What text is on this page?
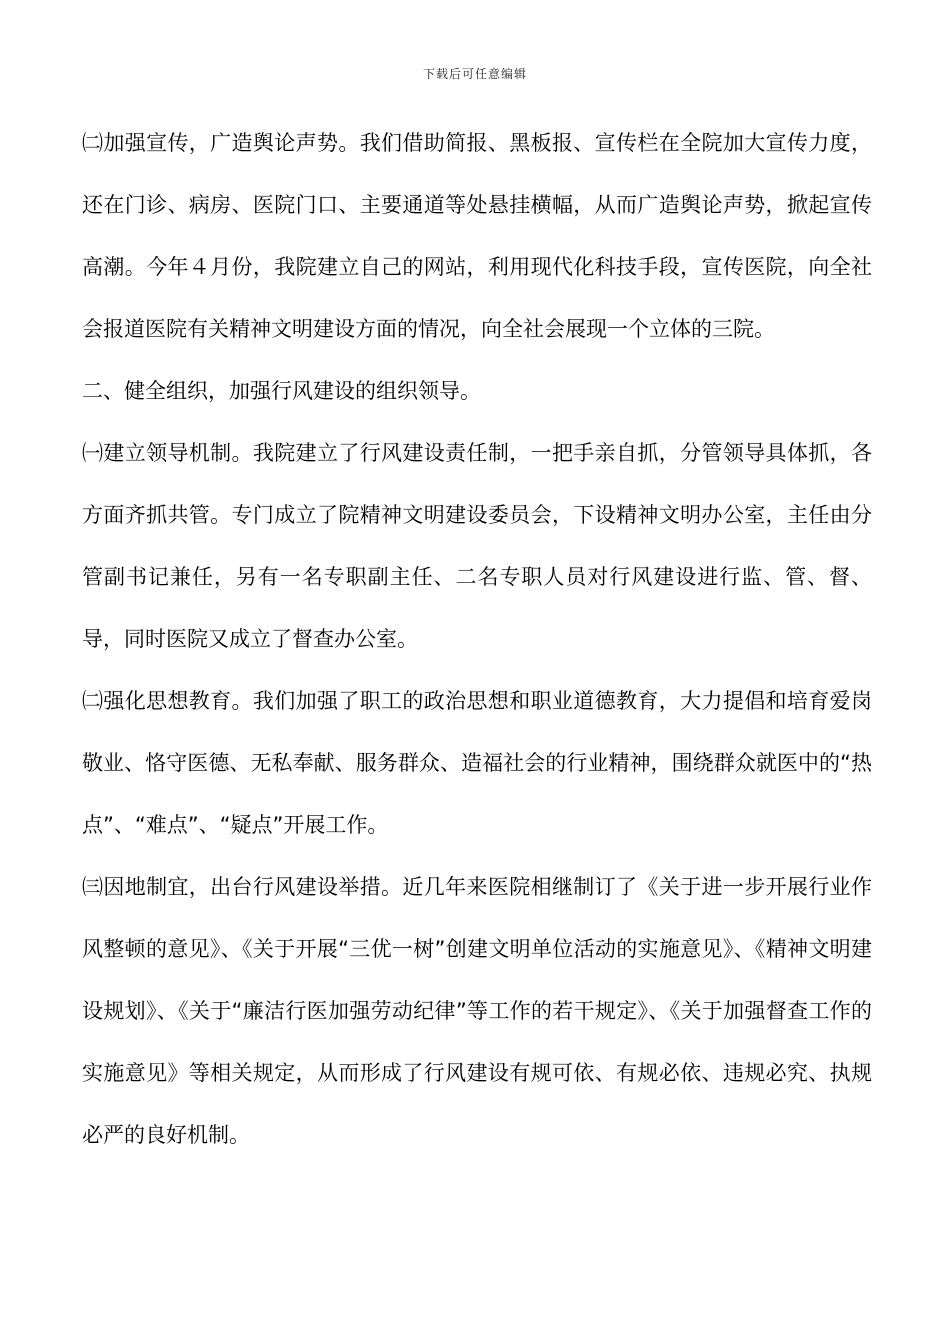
下载后可任意编辑

㈡加强宣传，广造舆论声势。我们借助简报、黑板报、宣传栏在全院加大宣传力度，还在门诊、病房、医院门口、主要通道等处悬挂横幅，从而广造舆论声势，掀起宣传高潮。今年４月份，我院建立自己的网站，利用现代化科技手段，宣传医院，向全社会报道医院有关精神文明建设方面的情况，向全社会展现一个立体的三院。

二、健全组织，加强行风建设的组织领导。

㈠建立领导机制。我院建立了行风建设责任制，一把手亲自抓，分管领导具体抓，各方面齐抓共管。专门成立了院精神文明建设委员会，下设精神文明办公室，主任由分管副书记兼任，另有一名专职副主任、二名专职人员对行风建设进行监、管、督、导，同时医院又成立了督查办公室。

㈡强化思想教育。我们加强了职工的政治思想和职业道德教育，大力提倡和培育爱岗敬业、恪守医德、无私奉献、服务群众、造福社会的行业精神，围绕群众就医中的“热点”、“难点”、“疑点”开展工作。

㈢因地制宜，出台行风建设举措。近几年来医院相继制订了《关于进一步开展行业作风整顿的意见》、《关于开展“三优一树”创建文明单位活动的实施意见》、《精神文明建设规划》、《关于“廉洁行医加强劳动纪律”等工作的若干规定》、《关于加强督查工作的实施意见》等相关规定，从而形成了行风建设有规可依、有规必依、违规必究、执规必严的良好机制。
